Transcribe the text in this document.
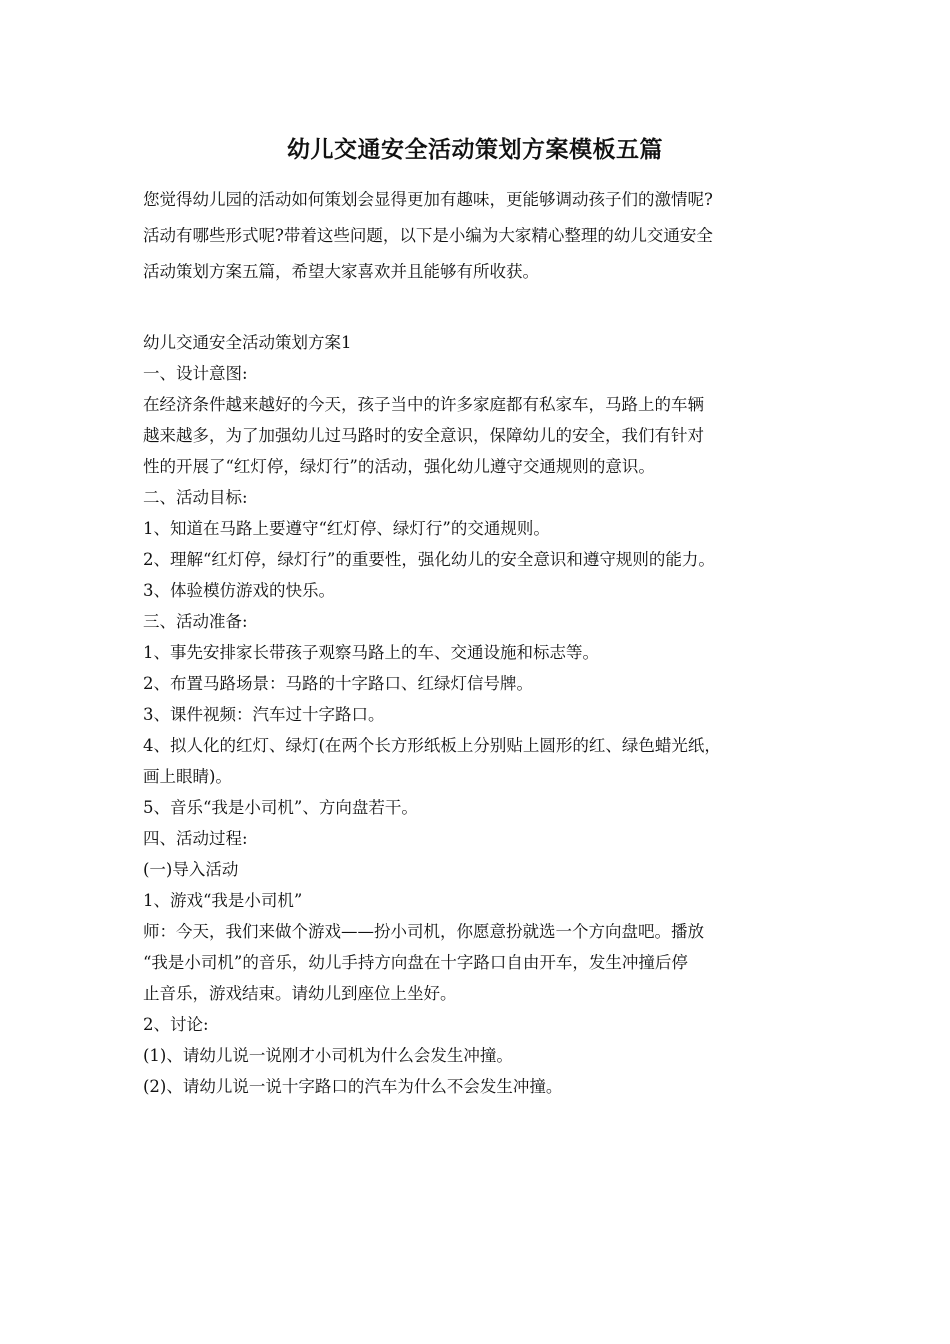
幼儿交通安全活动策划方案模板五篇

您觉得幼儿园的活动如何策划会显得更加有趣味，更能够调动孩子们的激情呢?
活动有哪些形式呢?带着这些问题，以下是小编为大家精心整理的幼儿交通安全
活动策划方案五篇，希望大家喜欢并且能够有所收获。

幼儿交通安全活动策划方案1
一、设计意图:
在经济条件越来越好的今天，孩子当中的许多家庭都有私家车，马路上的车辆
越来越多，为了加强幼儿过马路时的安全意识，保障幼儿的安全，我们有针对
性的开展了“红灯停，绿灯行”的活动，强化幼儿遵守交通规则的意识。
二、活动目标:
1、知道在马路上要遵守“红灯停、绿灯行”的交通规则。
2、理解“红灯停，绿灯行”的重要性，强化幼儿的安全意识和遵守规则的能力。
3、体验模仿游戏的快乐。
三、活动准备:
1、事先安排家长带孩子观察马路上的车、交通设施和标志等。
2、布置马路场景：马路的十字路口、红绿灯信号牌。
3、课件视频：汽车过十字路口。
4、拟人化的红灯、绿灯(在两个长方形纸板上分别贴上圆形的红、绿色蜡光纸，
画上眼睛)。
5、音乐“我是小司机”、方向盘若干。
四、活动过程:
(一)导入活动
1、游戏“我是小司机”
师：今天，我们来做个游戏——扮小司机，你愿意扮就选一个方向盘吧。播放
“我是小司机”的音乐，幼儿手持方向盘在十字路口自由开车，发生冲撞后停
止音乐，游戏结束。请幼儿到座位上坐好。
2、讨论:
(1)、请幼儿说一说刚才小司机为什么会发生冲撞。
(2)、请幼儿说一说十字路口的汽车为什么不会发生冲撞。
